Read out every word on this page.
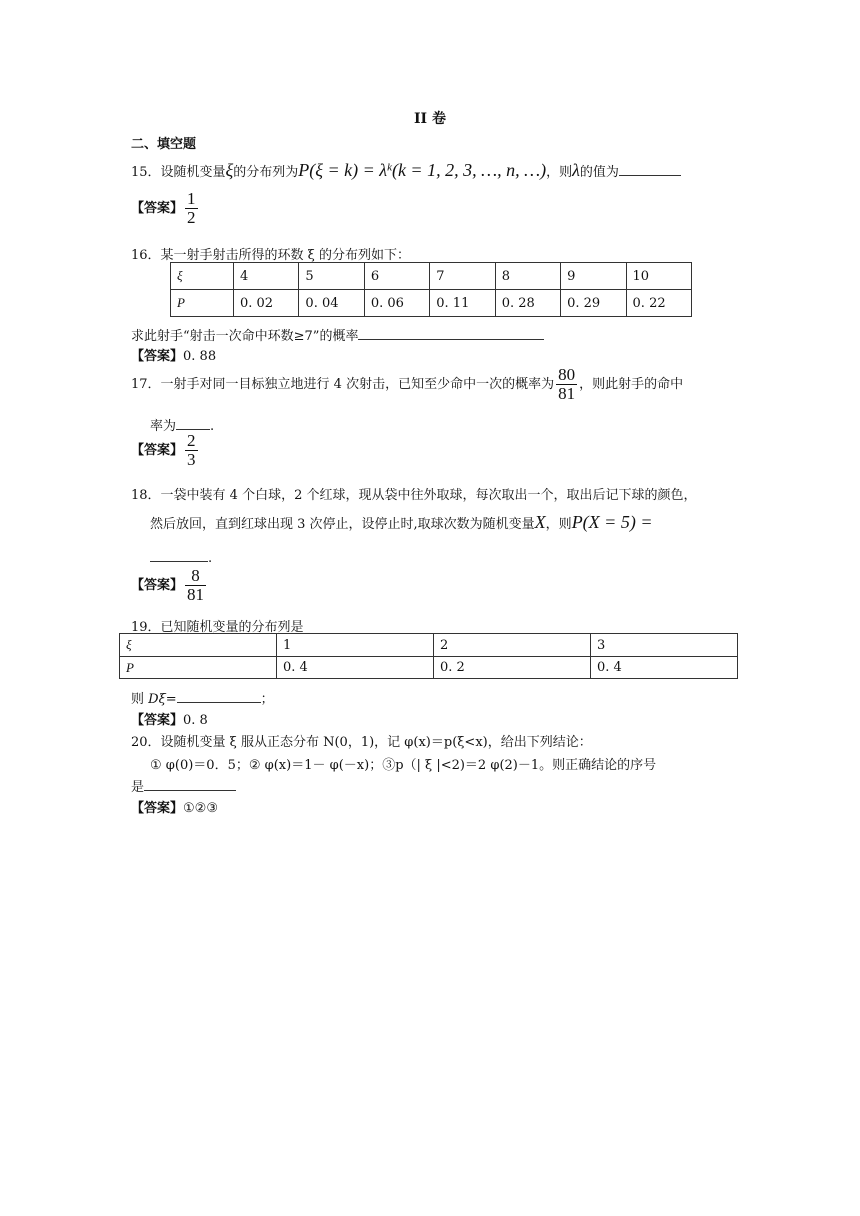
II 卷
二、填空题
15．设随机变量ξ的分布列为$P(\xi = k) = \lambda^k(k = 1$, 2, 3, …, n, …)，则λ的值为
【答案】 $\frac{1}{2}$
16．某一射手射击所得的环数 ξ 的分布列如下：
ξ	4	5	6	7	8	9	10
P	0. 02	0. 04	0. 06	0. 11	0. 28	0. 29	0. 22
求此射手“射击一次命中环数≥7”的概率
【答案】0. 88
17．一射手对同一目标独立地进行 4 次射击，已知至少命中一次的概率为 $\frac{80}{81}$ ，则此射手的命中
率为	.
【答案】 $\frac{2}{3}$
18．一袋中装有 4 个白球，2 个红球，现从袋中往外取球，每次取出一个，取出后记下球的颜色，
然后放回，直到红球出现 3 次停止，设停止时,取球次数为随机变量X，则P(X = 5) =
.
【答案】 $\frac{8}{81}$
19．已知随机变量的分布列是
ξ	1	2	3
P	0. 4	0. 2	0. 4
则 Dξ=	；
【答案】0. 8
20．设随机变量 ξ 服从正态分布 N(0，1)，记 φ(x)＝p(ξ<x)，给出下列结论：
① φ(0)＝0．5；② φ(x)＝1－ φ(－x)；③p（| ξ |<2)＝2 φ(2)－1。则正确结论的序号
是
【答案】①②③
